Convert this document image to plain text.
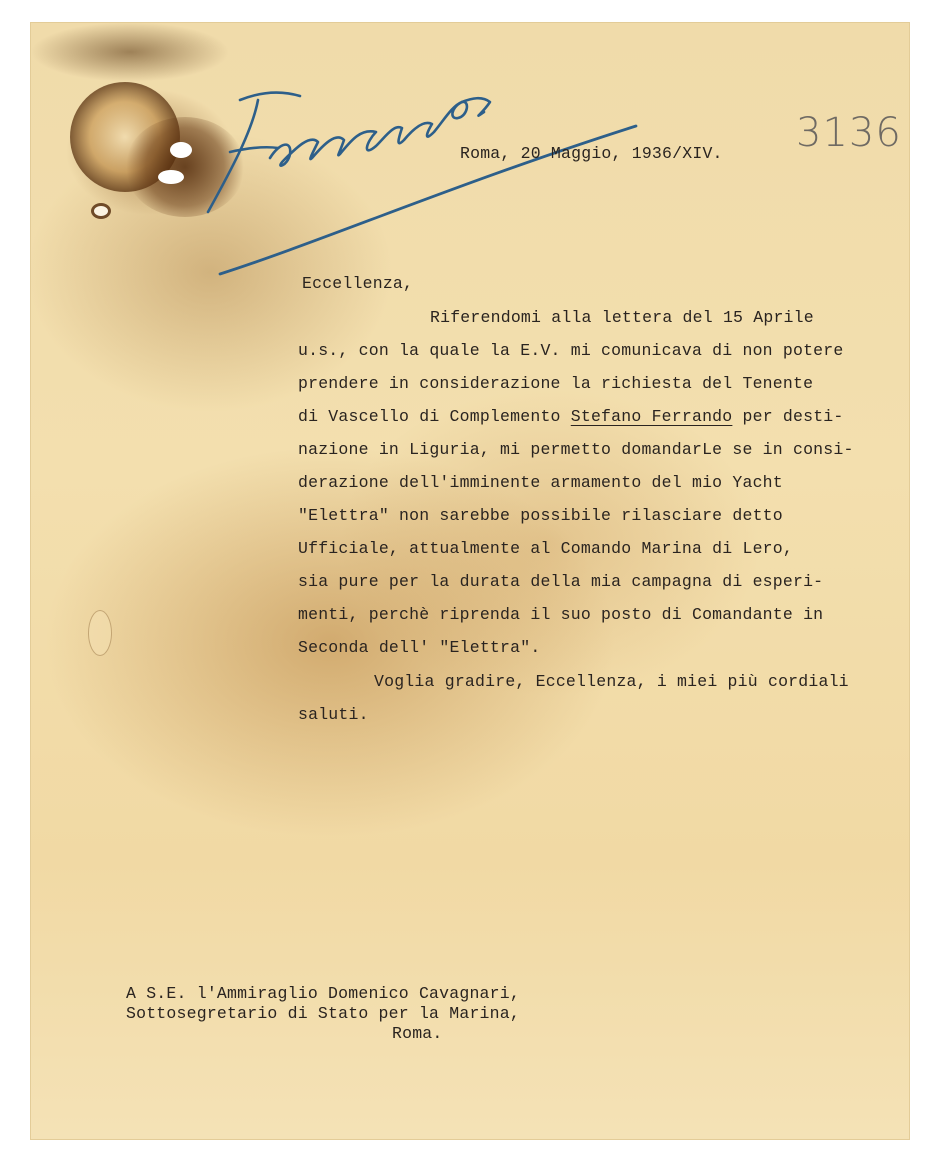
3136
Roma, 20 Maggio, 1936/XIV.
Eccellenza,
Riferendomi alla lettera del 15 Aprile
u.s., con la quale la E.V. mi comunicava di non potere
prendere in considerazione la richiesta del Tenente
di Vascello di Complemento Stefano Ferrando per desti-
nazione in Liguria, mi permetto domandarLe se in consi-
derazione dell'imminente armamento del mio Yacht
"Elettra" non sarebbe possibile rilasciare detto
Ufficiale, attualmente al Comando Marina di Lero,
sia pure per la durata della mia campagna di esperi-
menti, perchè riprenda il suo posto di Comandante in
Seconda dell' "Elettra".
Voglia gradire, Eccellenza, i miei più cordiali
saluti.
A S.E. l'Ammiraglio Domenico Cavagnari,
Sottosegretario di Stato per la Marina,
Roma.
